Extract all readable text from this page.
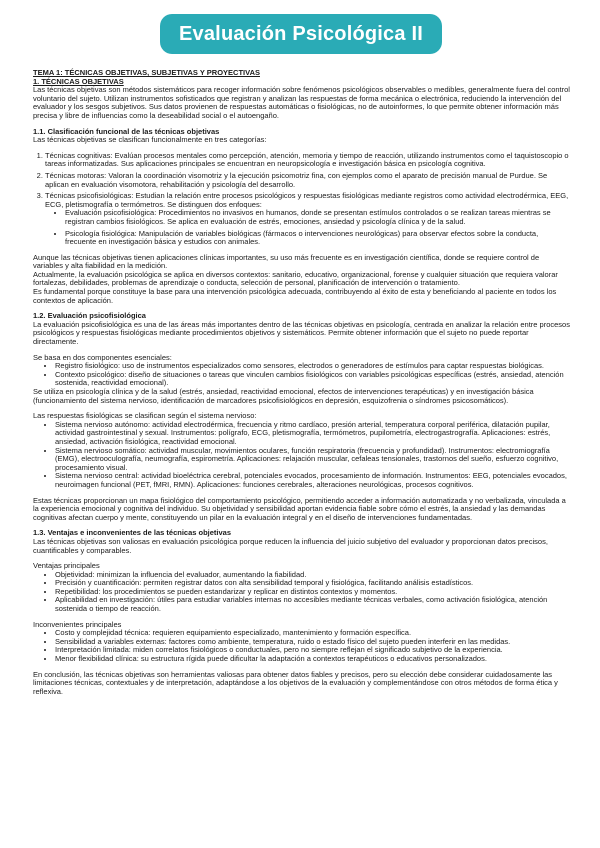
Evaluación Psicológica II
TEMA 1: TÉCNICAS OBJETIVAS, SUBJETIVAS Y PROYECTIVAS
1. TÉCNICAS OBJETIVAS

Las técnicas objetivas son métodos sistemáticos para recoger información sobre fenómenos psicológicos observables o medibles, generalmente fuera del control voluntario del sujeto. Utilizan instrumentos sofisticados que registran y analizan las respuestas de forma mecánica o electrónica, reduciendo la intervención del evaluador y los sesgos subjetivos. Sus datos provienen de respuestas automáticas o fisiológicas, no de autoinformes, lo que permite obtener información más precisa y libre de influencias como la deseabilidad social o el autoengaño.

1.1. Clasificación funcional de las técnicas objetivas

Las técnicas objetivas se clasifican funcionalmente en tres categorías:

1. Técnicas cognitivas: Evalúan procesos mentales como percepción, atención, memoria y tiempo de reacción, utilizando instrumentos como el taquistoscopio o tareas informatizadas. Sus aplicaciones principales se encuentran en neuropsicología e investigación básica en psicología cognitiva.
2. Técnicas motoras: Valoran la coordinación visomotriz y la ejecución psicomotriz fina, con ejemplos como el aparato de precisión manual de Purdue. Se aplican en evaluación visomotora, rehabilitación y psicología del desarrollo.
3. Técnicas psicofisiológicas: Estudian la relación entre procesos psicológicos y respuestas fisiológicas mediante registros como actividad electrodérmica, EEG, ECG, pletismografía o termómetros. Se distinguen dos enfoques:
• Evaluación psicofisiológica: Procedimientos no invasivos en humanos, donde se presentan estímulos controlados o se realizan tareas mientras se registran cambios fisiológicos. Se aplica en evaluación de estrés, emociones, ansiedad y psicología clínica y de la salud.
• Psicología fisiológica: Manipulación de variables biológicas (fármacos o intervenciones neurológicas) para observar efectos sobre la conducta, frecuente en investigación básica y estudios con animales.

Aunque las técnicas objetivas tienen aplicaciones clínicas importantes, su uso más frecuente es en investigación científica, donde se requiere control de variables y alta fiabilidad en la medición.

Actualmente, la evaluación psicológica se aplica en diversos contextos: sanitario, educativo, organizacional, forense y cualquier situación que requiera valorar fortalezas, debilidades, problemas de aprendizaje o conducta, selección de personal, planificación de intervención o tratamiento.

Es fundamental porque constituye la base para una intervención psicológica adecuada, contribuyendo al éxito de esta y beneficiando al paciente en todos los contextos de aplicación.

1.2. Evaluación psicofisiológica

La evaluación psicofisiológica es una de las áreas más importantes dentro de las técnicas objetivas en psicología, centrada en analizar la relación entre procesos psicológicos y respuestas fisiológicas mediante procedimientos objetivos y sistemáticos. Permite obtener información que el sujeto no puede reportar directamente.

Se basa en dos componentes esenciales:

• Registro fisiológico: uso de instrumentos especializados como sensores, electrodos o generadores de estímulos para captar respuestas biológicas.
• Contexto psicológico: diseño de situaciones o tareas que vinculen cambios fisiológicos con variables psicológicas específicas (estrés, ansiedad, atención sostenida, reactividad emocional).

Se utiliza en psicología clínica y de la salud (estrés, ansiedad, reactividad emocional, efectos de intervenciones terapéuticas) y en investigación básica (funcionamiento del sistema nervioso, identificación de marcadores psicofisiológicos en depresión, esquizofrenia o síndromes psicosomáticos).

Las respuestas fisiológicas se clasifican según el sistema nervioso:

• Sistema nervioso autónomo: actividad electrodérmica, frecuencia y ritmo cardíaco, presión arterial, temperatura corporal periférica, dilatación pupilar, actividad gastrointestinal y sexual. Instrumentos: polígrafo, ECG, pletismografía, termómetros, pupilometría, electrogastrografía. Aplicaciones: estrés, ansiedad, activación fisiológica, reactividad emocional.
• Sistema nervioso somático: actividad muscular, movimientos oculares, función respiratoria (frecuencia y profundidad). Instrumentos: electromiografía (EMG), electrooculografía, neumografía, espirometría. Aplicaciones: relajación muscular, cefaleas tensionales, trastornos del sueño, esfuerzo cognitivo, procesamiento visual.
• Sistema nervioso central: actividad bioeléctrica cerebral, potenciales evocados, procesamiento de información. Instrumentos: EEG, potenciales evocados, neuroimagen funcional (PET, fMRI, RMN). Aplicaciones: funciones cerebrales, alteraciones neurológicas, procesos cognitivos.

Estas técnicas proporcionan un mapa fisiológico del comportamiento psicológico, permitiendo acceder a información automatizada y no verbalizada, vinculada a la experiencia emocional y cognitiva del individuo. Su objetividad y sensibilidad aportan evidencia fiable sobre cómo el estrés, la ansiedad y las demandas cognitivas afectan cuerpo y mente, constituyendo un pilar en la evaluación integral y en el diseño de intervenciones fundamentadas.

1.3. Ventajas e inconvenientes de las técnicas objetivas

Las técnicas objetivas son valiosas en evaluación psicológica porque reducen la influencia del juicio subjetivo del evaluador y proporcionan datos precisos, cuantificables y comparables.

Ventajas principales

• Objetividad: minimizan la influencia del evaluador, aumentando la fiabilidad.
• Precisión y cuantificación: permiten registrar datos con alta sensibilidad temporal y fisiológica, facilitando análisis estadísticos.
• Repetibilidad: los procedimientos se pueden estandarizar y replicar en distintos contextos y momentos.
• Aplicabilidad en investigación: útiles para estudiar variables internas no accesibles mediante técnicas verbales, como activación fisiológica, atención sostenida o tiempo de reacción.

Inconvenientes principales

• Costo y complejidad técnica: requieren equipamiento especializado, mantenimiento y formación específica.
• Sensibilidad a variables externas: factores como ambiente, temperatura, ruido o estado físico del sujeto pueden interferir en las medidas.
• Interpretación limitada: miden correlatos fisiológicos o conductuales, pero no siempre reflejan el significado subjetivo de la experiencia.
• Menor flexibilidad clínica: su estructura rígida puede dificultar la adaptación a contextos terapéuticos o educativos personalizados.

En conclusión, las técnicas objetivas son herramientas valiosas para obtener datos fiables y precisos, pero su elección debe considerar cuidadosamente las limitaciones técnicas, contextuales y de interpretación, adaptándose a los objetivos de la evaluación y complementándose con otros métodos de forma ética y reflexiva.
